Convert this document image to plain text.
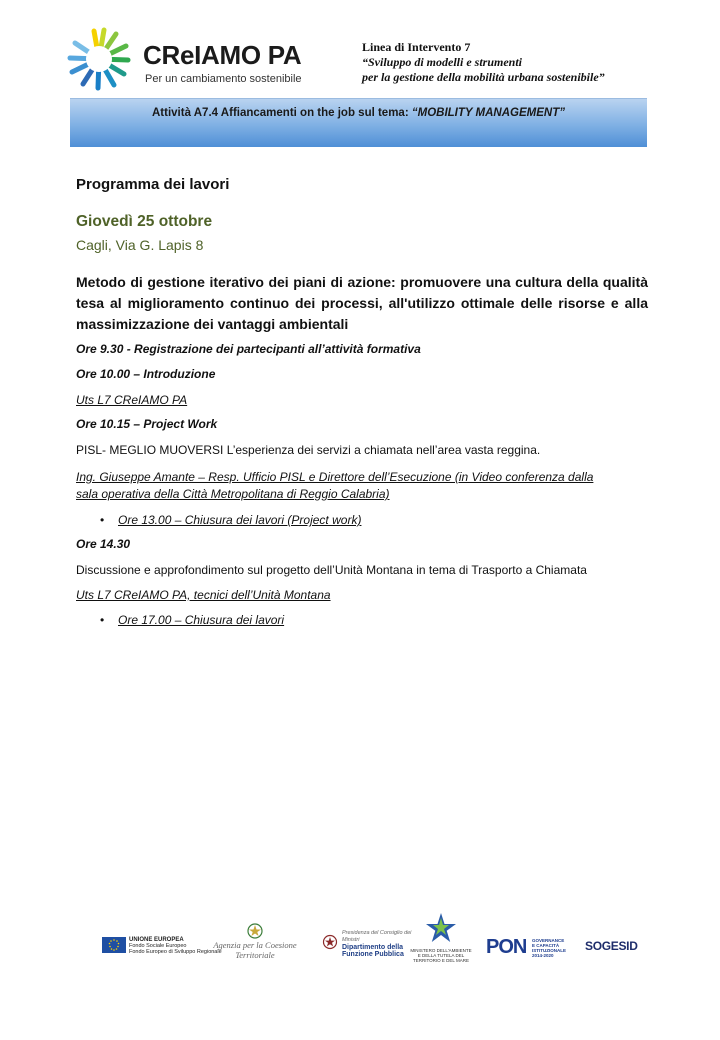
CReIAMO PA
Per un cambiamento sostenibile
Linea di Intervento 7
“Sviluppo di modelli e strumenti
per la gestione della mobilità urbana sostenibile”
Attività A7.4 Affiancamenti on the job sul tema: “MOBILITY MANAGEMENT”
Programma dei lavori
Giovedì 25 ottobre
Cagli, Via G. Lapis 8
Metodo di gestione iterativo dei piani di azione: promuovere una cultura della qualità tesa al miglioramento continuo dei processi, all'utilizzo ottimale delle risorse e alla massimizzazione dei vantaggi ambientali
Ore 9.30 - Registrazione dei partecipanti all’attività formativa
Ore 10.00 – Introduzione
Uts L7 CReIAMO PA
Ore 10.15 – Project Work
PISL- MEGLIO MUOVERSI L’esperienza dei servizi a chiamata nell’area vasta reggina.
Ing. Giuseppe Amante – Resp. Ufficio PISL e Direttore dell’Esecuzione (in Video conferenza dalla
sala operativa della Città Metropolitana di Reggio Calabria)
• Ore 13.00 – Chiusura dei lavori (Project work)
Ore 14.30
Discussione e approfondimento sul progetto dell’Unità Montana in tema di Trasporto a Chiamata
Uts L7 CReIAMO PA, tecnici dell’Unità Montana
• Ore 17.00 – Chiusura dei lavori
UNIONE EUROPEA
Fondo Sociale Europeo
Fondo Europeo di Sviluppo Regionale
Agenzia per la Coesione Territoriale
Presidenza del Consiglio dei Ministri
Dipartimento della
Funzione Pubblica
MINISTERO DELL'AMBIENTE
E DELLA TUTELA DEL TERRITORIO E DEL MARE
PON GOVERNANCE
E CAPACITÀ
ISTITUZIONALE
2014-2020
SOGESID
